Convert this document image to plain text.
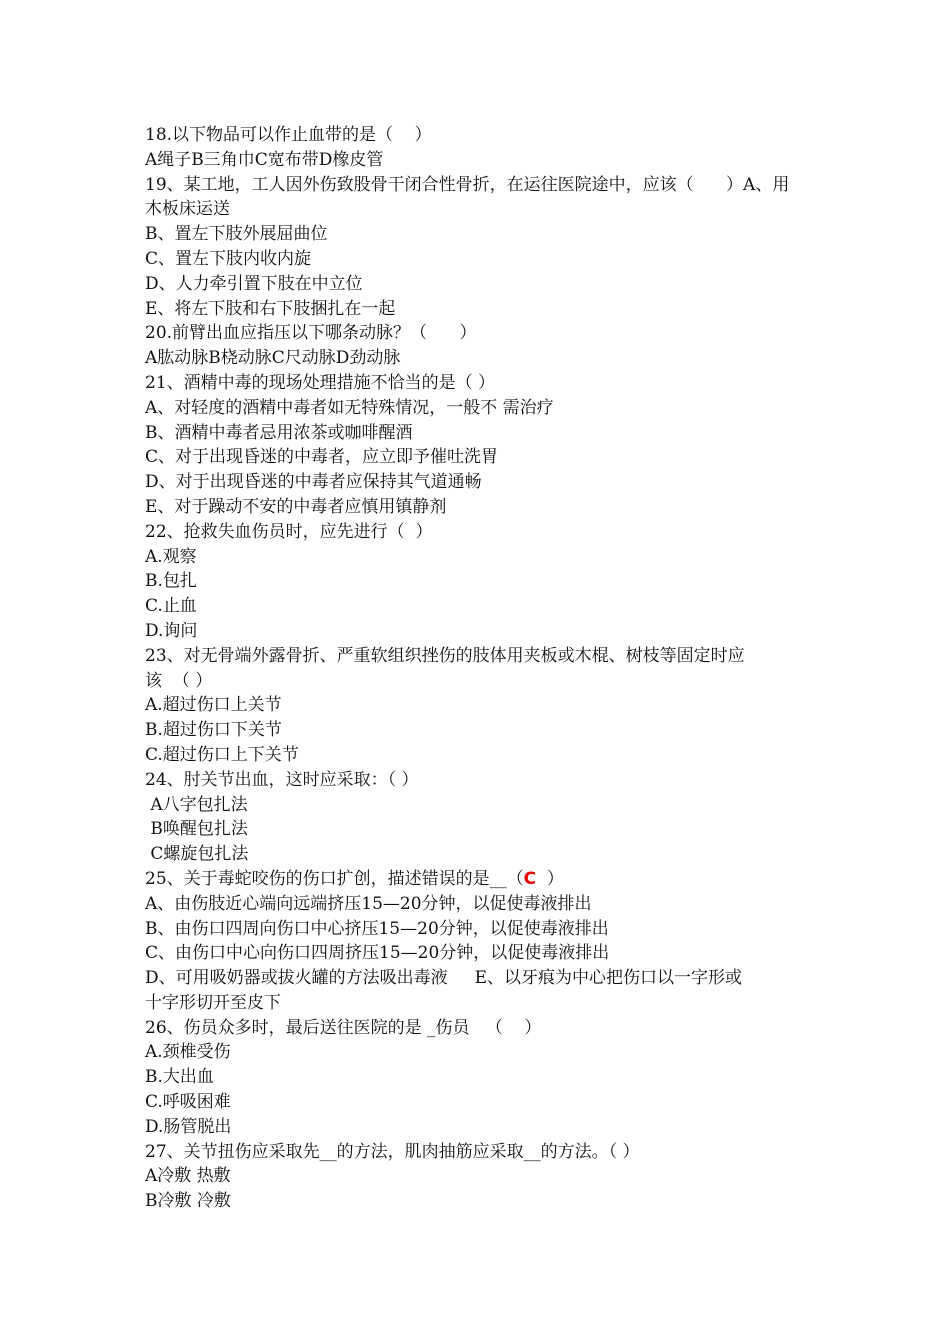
18.以下物品可以作止血带的是（    ）
A绳子B三角巾C宽布带D橡皮管
19、某工地，工人因外伤致股骨干闭合性骨折，在运往医院途中，应该（      ）A、用
木板床运送
B、置左下肢外展屈曲位
C、置左下肢内收内旋
D、人力牵引置下肢在中立位
E、将左下肢和右下肢捆扎在一起
20.前臂出血应指压以下哪条动脉？（      ）
A肱动脉B桡动脉C尺动脉D劲动脉
21、酒精中毒的现场处理措施不恰当的是（ ）
A、对轻度的酒精中毒者如无特殊情况，一般不 需治疗
B、酒精中毒者忌用浓茶或咖啡醒酒
C、对于出现昏迷的中毒者，应立即予催吐洗胃
D、对于出现昏迷的中毒者应保持其气道通畅
E、对于躁动不安的中毒者应慎用镇静剂
22、抢救失血伤员时，应先进行（  ）
A.观察
B.包扎
C.止血
D.询问
23、对无骨端外露骨折、严重软组织挫伤的肢体用夹板或木棍、树枝等固定时应
该  （ ）
A.超过伤口上关节
B.超过伤口下关节
C.超过伤口上下关节
24、肘关节出血，这时应采取：（ ）
A八字包扎法
B唤醒包扎法
C螺旋包扎法
25、关于毒蛇咬伤的伤口扩创，描述错误的是__（C  ）
A、由伤肢近心端向远端挤压15—20分钟，以促使毒液排出
B、由伤口四周向伤口中心挤压15—20分钟，以促使毒液排出
C、由伤口中心向伤口四周挤压15—20分钟，以促使毒液排出
D、可用吸奶器或拔火罐的方法吸出毒液     E、以牙痕为中心把伤口以一字形或
十字形切开至皮下
26、伤员众多时，最后送往医院的是 _伤员   （    ）
A.颈椎受伤
B.大出血
C.呼吸困难
D.肠管脱出
27、关节扭伤应采取先__的方法，肌肉抽筋应采取__的方法。（ ）
A冷敷 热敷
B冷敷 冷敷
